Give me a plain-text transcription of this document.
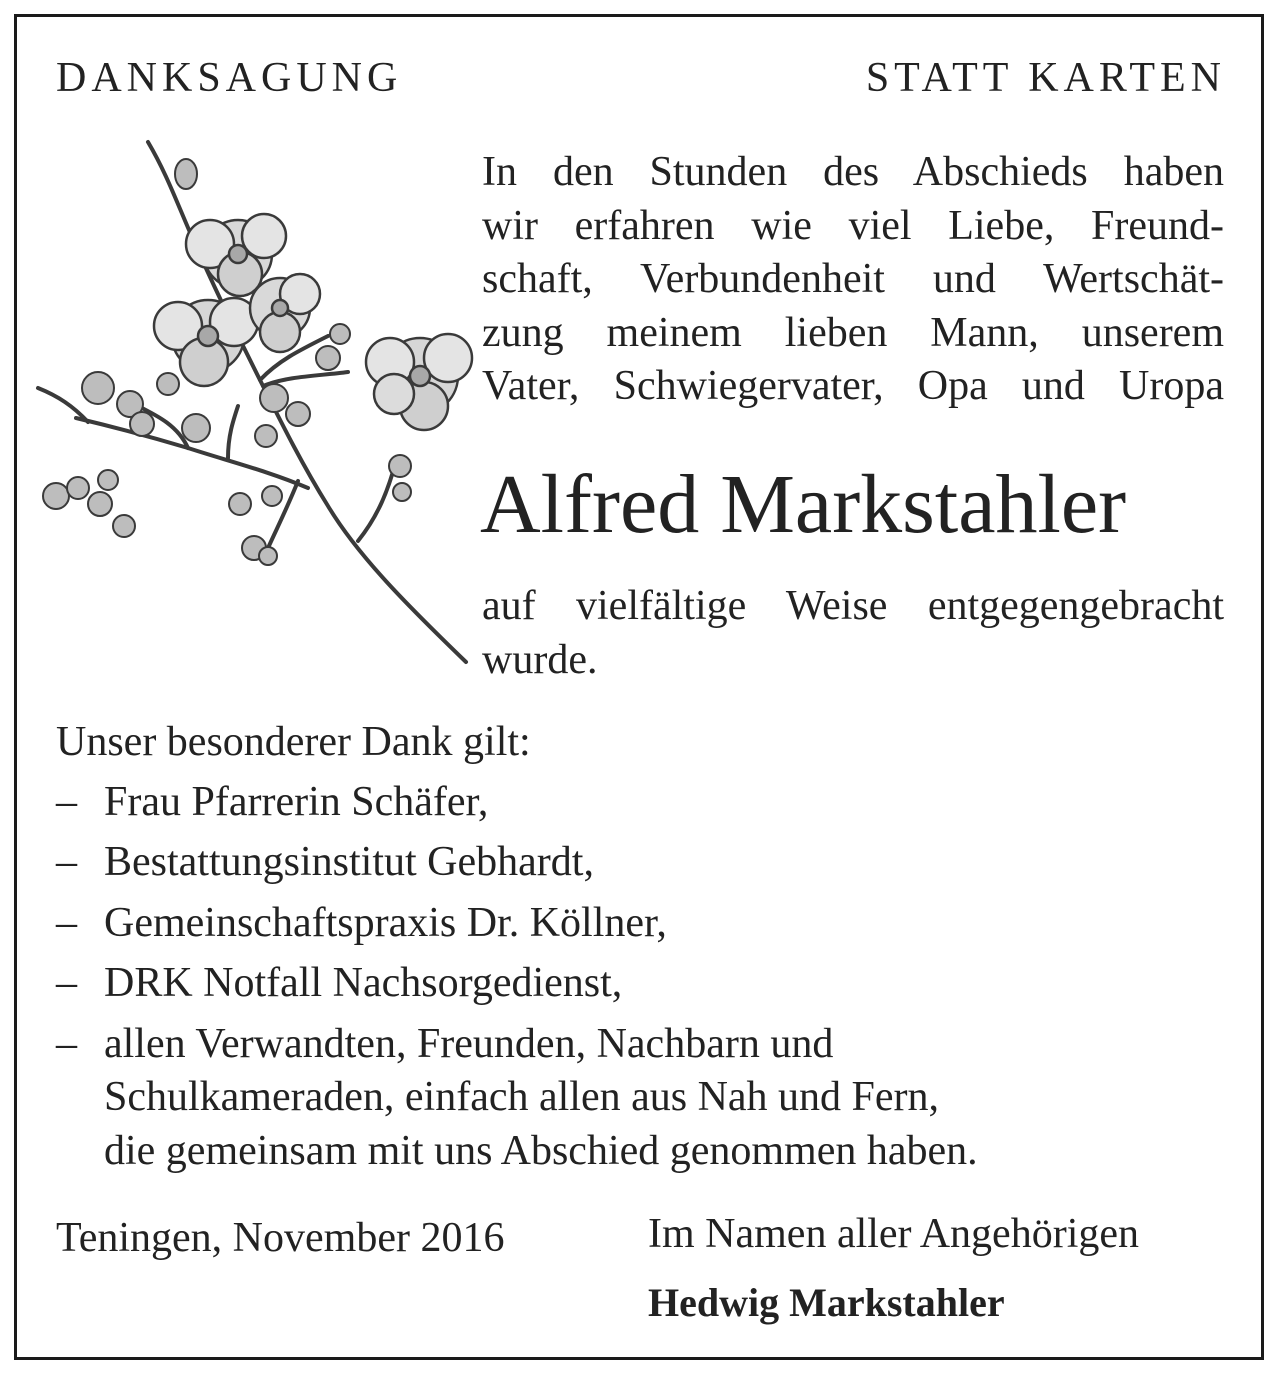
DANKSAGUNG	STATT KARTEN
In den Stunden des Abschieds haben
wir erfahren wie viel Liebe, Freund-
schaft, Verbundenheit und Wertschät-
zung meinem lieben Mann, unserem
Vater, Schwiegervater, Opa und Uropa
Alfred Markstahler
auf vielfältige Weise entgegengebracht
wurde.
Unser besonderer Dank gilt:
– Frau Pfarrerin Schäfer,
– Bestattungsinstitut Gebhardt,
– Gemeinschaftspraxis Dr. Köllner,
– DRK Notfall Nachsorgedienst,
– allen Verwandten, Freunden, Nachbarn und
Schulkameraden, einfach allen aus Nah und Fern,
die gemeinsam mit uns Abschied genommen haben.
Teningen, November 2016	Im Namen aller Angehörigen
Hedwig Markstahler
